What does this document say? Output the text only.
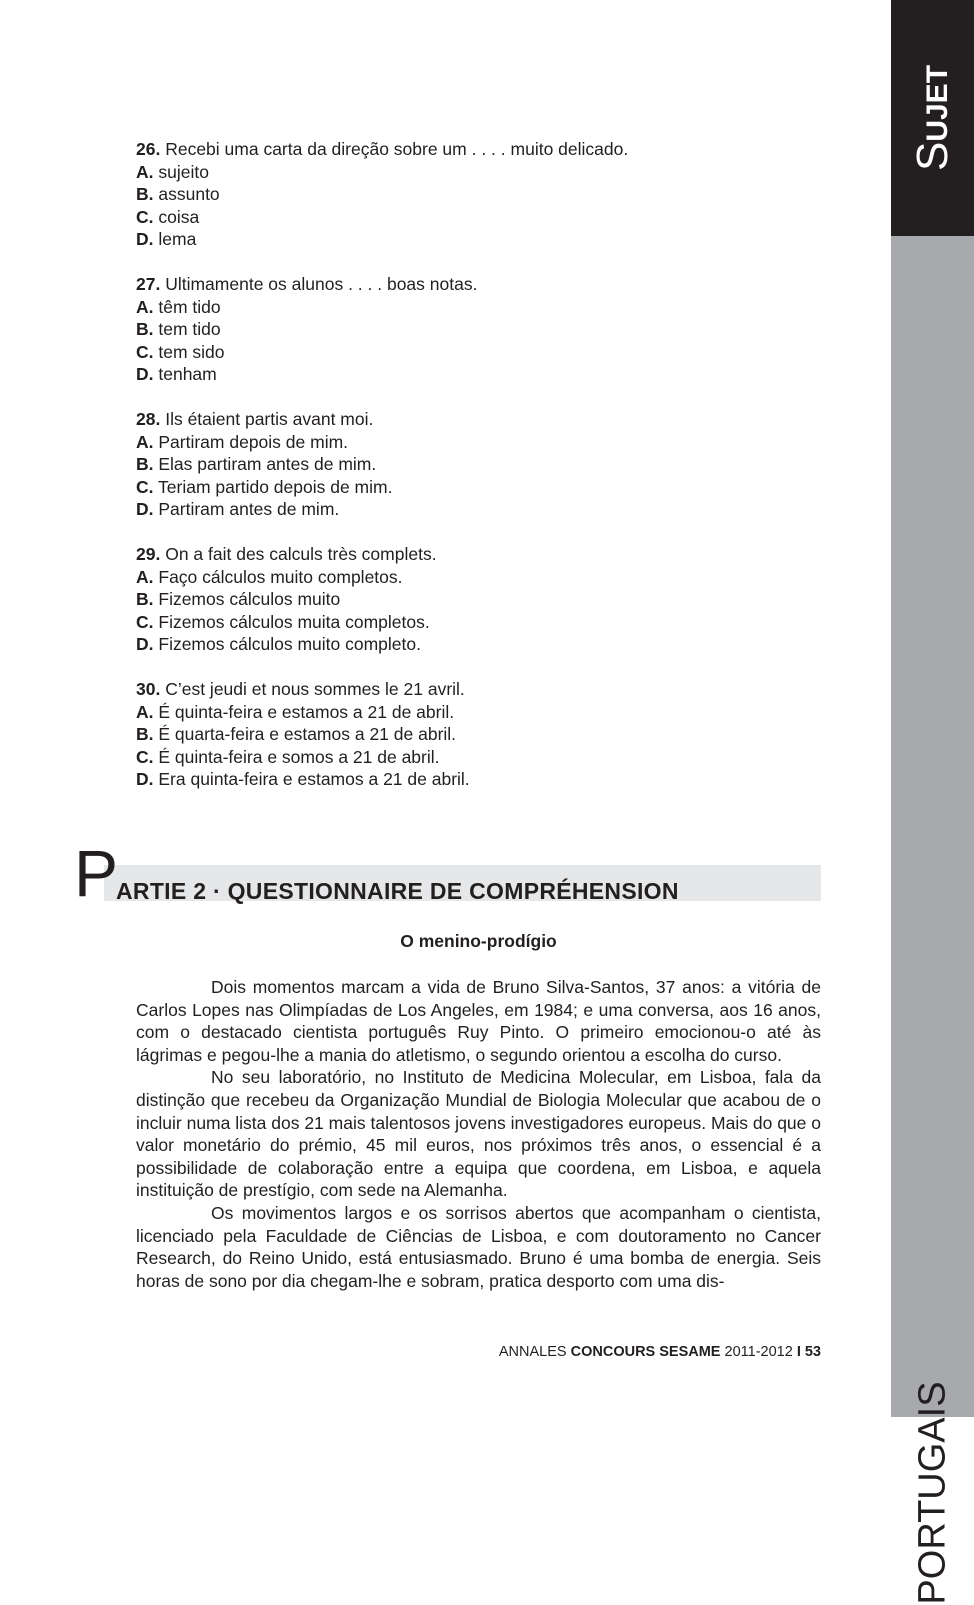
SUJET
PORTUGAIS
26. Recebi uma carta da direção sobre um . . . . muito delicado.
A. sujeito
B. assunto
C. coisa
D. lema
27. Ultimamente os alunos . . . . boas notas.
A. têm tido
B. tem tido
C. tem sido
D. tenham
28. Ils étaient partis avant moi.
A. Partiram depois de mim.
B. Elas partiram antes de mim.
C. Teriam partido depois de mim.
D. Partiram antes de mim.
29. On a fait des calculs très complets.
A. Faço cálculos muito completos.
B. Fizemos cálculos muito
C. Fizemos cálculos muita completos.
D. Fizemos cálculos muito completo.
30. C’est jeudi et nous sommes le 21 avril.
A. É quinta-feira e estamos a 21 de abril.
B. É quarta-feira e estamos a 21 de abril.
C. É quinta-feira e somos a 21 de abril.
D. Era quinta-feira e estamos a 21 de abril.
P
ARTIE 2 · QUESTIONNAIRE DE COMPRÉHENSION
O menino-prodígio

Dois momentos marcam a vida de Bruno Silva-Santos, 37 anos: a vitória de Carlos Lopes nas Olimpíadas de Los Angeles, em 1984; e uma conversa, aos 16 anos, com o destacado cientista português Ruy Pinto. O primeiro emocionou-o até às lágrimas e pegou-lhe a mania do atletismo, o segundo orientou a escolha do curso.

No seu laboratório, no Instituto de Medicina Molecular, em Lisboa, fala da distinção que recebeu da Organização Mundial de Biologia Molecular que acabou de o incluir numa lista dos 21 mais talentosos jovens investigadores europeus. Mais do que o valor monetário do prémio, 45 mil euros, nos próximos três anos, o essencial é a possibilidade de colaboração entre a equipa que coordena, em Lisboa, e aquela instituição de prestígio, com sede na Alemanha.

Os movimentos largos e os sorrisos abertos que acompanham o cientista, licenciado pela Faculdade de Ciências de Lisboa, e com doutoramento no Cancer Research, do Reino Unido, está entusiasmado. Bruno é uma bomba de energia. Seis horas de sono por dia chegam-lhe e sobram, pratica desporto com uma dis-

ANNALES CONCOURS SESAME 2011-2012 I 53
